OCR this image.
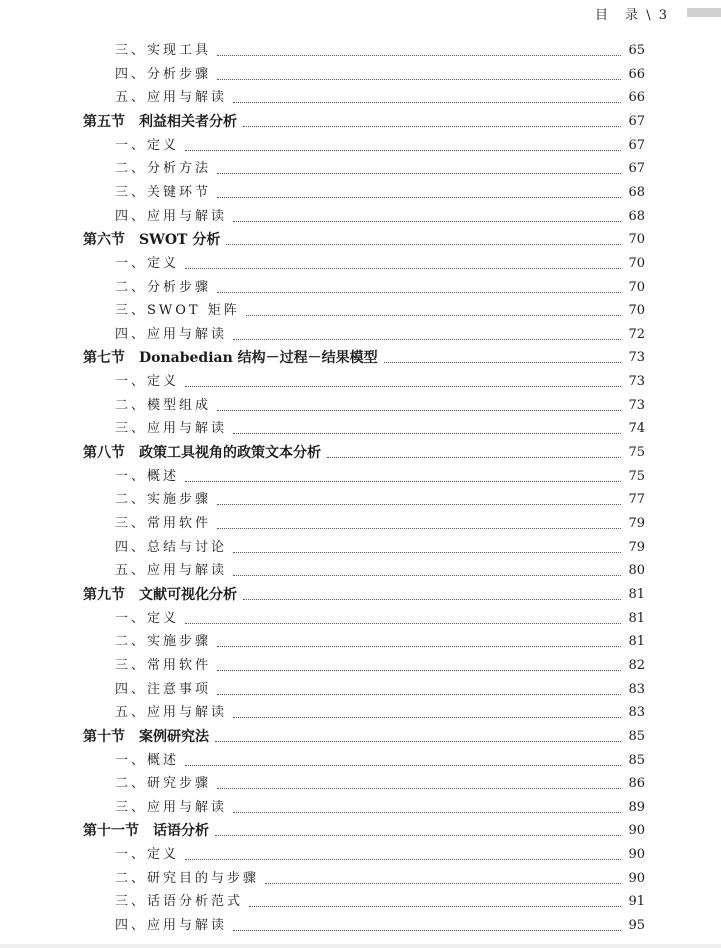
目　录 \ 3
三、实现工具	65
四、分析步骤	66
五、应用与解读	66
第五节　利益相关者分析	67
一、定义	67
二、分析方法	67
三、关键环节	68
四、应用与解读	68
第六节　SWOT 分析	70
一、定义	70
二、分析步骤	70
三、SWOT 矩阵	70
四、应用与解读	72
第七节　Donabedian 结构－过程－结果模型	73
一、定义	73
二、模型组成	73
三、应用与解读	74
第八节　政策工具视角的政策文本分析	75
一、概述	75
二、实施步骤	77
三、常用软件	79
四、总结与讨论	79
五、应用与解读	80
第九节　文献可视化分析	81
一、定义	81
二、实施步骤	81
三、常用软件	82
四、注意事项	83
五、应用与解读	83
第十节　案例研究法	85
一、概述	85
二、研究步骤	86
三、应用与解读	89
第十一节　话语分析	90
一、定义	90
二、研究目的与步骤	90
三、话语分析范式	91
四、应用与解读	95
